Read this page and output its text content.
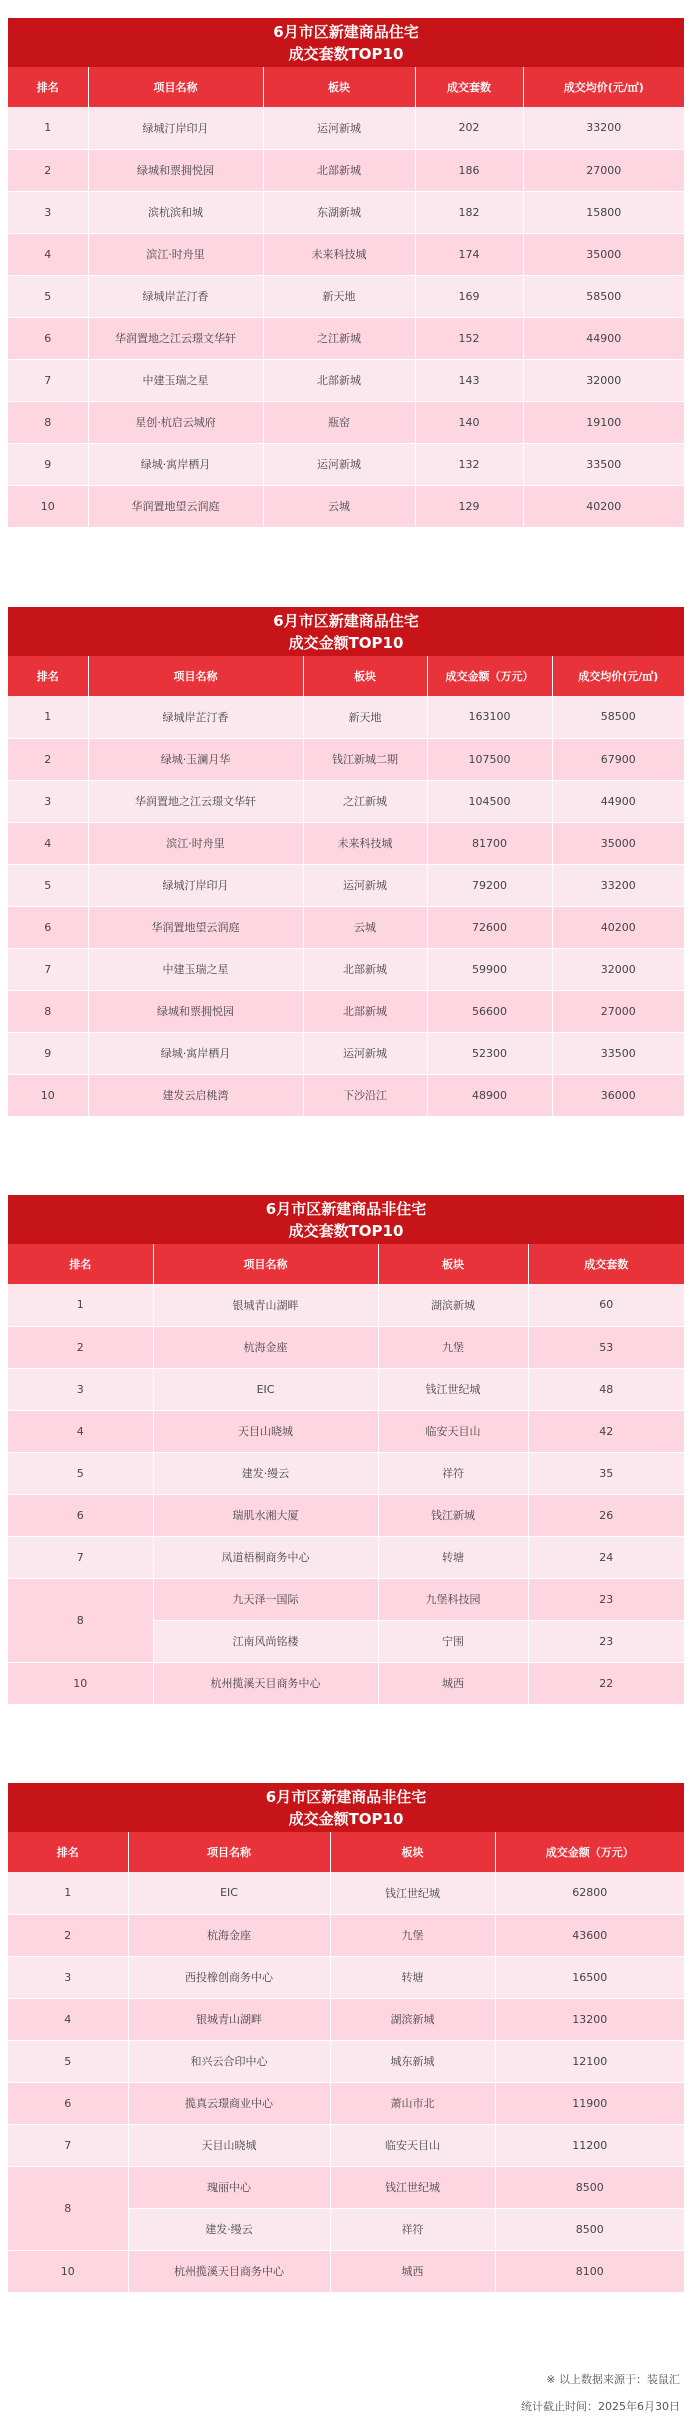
6月市区新建商品住宅
成交套数TOP10
排名	项目名称	板块	成交套数	成交均价(元/㎡)
1	绿城汀岸印月	运河新城	202	33200
2	绿城和票拥悦园	北部新城	186	27000
3	滨杭滨和城	东湖新城	182	15800
4	滨江·时舟里	未来科技城	174	35000
5	绿城岸芷汀香	新天地	169	58500
6	华润置地之江云璟文华轩	之江新城	152	44900
7	中建玉瑞之星	北部新城	143	32000
8	星创·杭启云城府	瓶窑	140	19100
9	绿城·寓岸栖月	运河新城	132	33500
10	华润置地望云润庭	云城	129	40200
6月市区新建商品住宅
成交金额TOP10
排名	项目名称	板块	成交金额（万元）	成交均价(元/㎡)
1	绿城岸芷汀香	新天地	163100	58500
2	绿城·玉澜月华	钱江新城二期	107500	67900
3	华润置地之江云璟文华轩	之江新城	104500	44900
4	滨江·时舟里	未来科技城	81700	35000
5	绿城汀岸印月	运河新城	79200	33200
6	华润置地望云润庭	云城	72600	40200
7	中建玉瑞之星	北部新城	59900	32000
8	绿城和票拥悦园	北部新城	56600	27000
9	绿城·寓岸栖月	运河新城	52300	33500
10	建发云启桃湾	下沙沿江	48900	36000
6月市区新建商品非住宅
成交套数TOP10
排名	项目名称	板块	成交套数
1	银城青山湖畔	湖滨新城	60
2	杭海金座	九堡	53
3	EIC	钱江世纪城	48
4	天目山晓城	临安天目山	42
5	建发·缦云	祥符	35
6	瑞肌水湘大厦	钱江新城	26
7	凤道梧桐商务中心	转塘	24
8	九天泽一国际	九堡科技园	23
	江南风尚铭楼	宁围	23
10	杭州揽溪天目商务中心	城西	22
6月市区新建商品非住宅
成交金额TOP10
排名	项目名称	板块	成交金额（万元）
1	EIC	钱江世纪城	62800
2	杭海金座	九堡	43600
3	西投橡创商务中心	转塘	16500
4	银城青山湖畔	湖滨新城	13200
5	和兴云合印中心	城东新城	12100
6	揽真云璟商业中心	萧山市北	11900
7	天目山晓城	临安天目山	11200
8	瑰丽中心	钱江世纪城	8500
	建发·缦云	祥符	8500
10	杭州揽溪天目商务中心	城西	8100
※ 以上数据来源于：装鼠汇
统计截止时间：2025年6月30日
